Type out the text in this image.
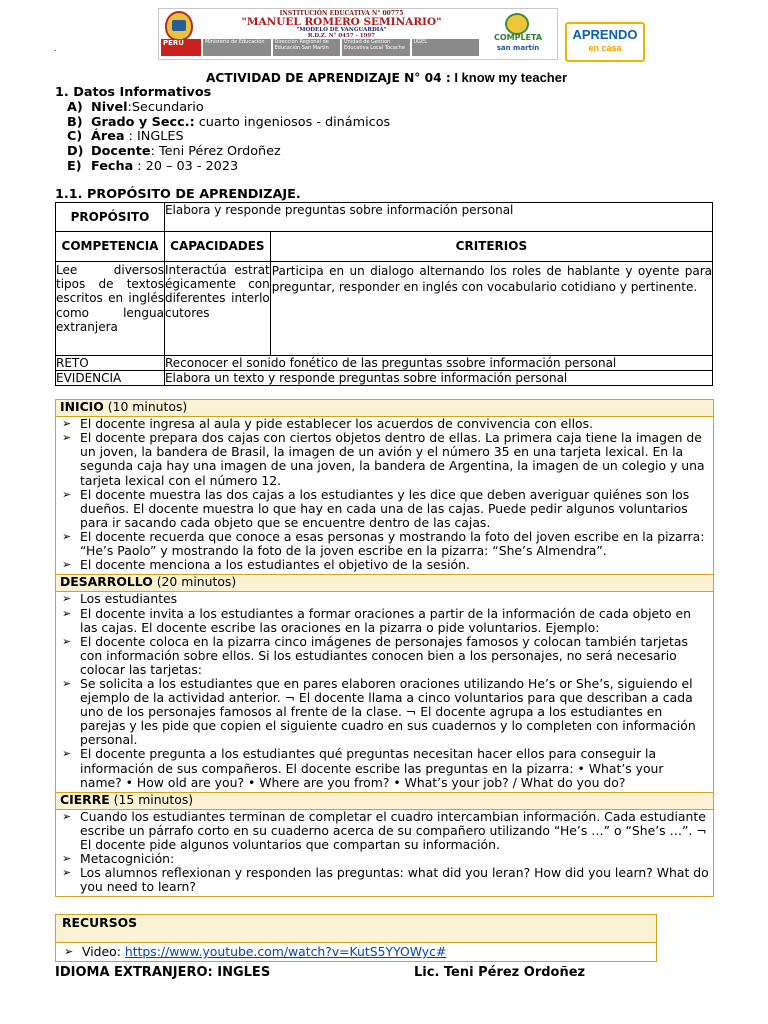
INSTITUCIÓN EDUCATIVA N° 00775
"MANUEL ROMERO SEMINARIO"
"MODELO DE VANGUARDIA"
R.D.Z. N° 0457 - 1997
PERÚ	Ministerio de Educación	Dirección Regional de Educación San Martín
Unidad de Gestión Educativa Local Tocache
UGEL	COMPLETA
san martín
APRENDO
en casa
.
ACTIVIDAD DE APRENDIZAJE N° 04 : I know my teacher
1. Datos Informativos
A) Nivel:Secundario
B) Grado y Secc.: cuarto ingeniosos - dinámicos
C) Área : INGLES
D) Docente: Teni Pérez Ordoñez
E) Fecha : 20 – 03 - 2023
1.1. PROPÓSITO DE APRENDIZAJE.
PROPÓSITO	Elabora y responde preguntas sobre información personal	
COMPETENCIA	CAPACIDADES	CRITERIOS
Lee diversos tipos de textos escritos en inglés como lengua extranjera	Interactúa estratégicamente con diferentes interlocutores	Participa en un dialogo alternando los roles de hablante y oyente para preguntar, responder en inglés con vocabulario cotidiano y pertinente.
RETO	Reconocer el sonido fonético de las preguntas ssobre información personal	
EVIDENCIA	Elabora un texto y responde preguntas sobre información personal	
INICIO (10 minutos)

➢ El docente ingresa al aula y pide establecer los acuerdos de convivencia con ellos.
➢ El docente prepara dos cajas con ciertos objetos dentro de ellas. La primera caja tiene la imagen de un joven, la bandera de Brasil, la imagen de un avión y el número 35 en una tarjeta lexical. En la segunda caja hay una imagen de una joven, la bandera de Argentina, la imagen de un colegio y una tarjeta lexical con el número 12.
➢ El docente muestra las dos cajas a los estudiantes y les dice que deben averiguar quiénes son los dueños. El docente muestra lo que hay en cada una de las cajas. Puede pedir algunos voluntarios para ir sacando cada objeto que se encuentre dentro de las cajas.
➢ El docente recuerda que conoce a esas personas y mostrando la foto del joven escribe en la pizarra: “He’s Paolo” y mostrando la foto de la joven escribe en la pizarra: “She’s Almendra”.
➢ El docente menciona a los estudiantes el objetivo de la sesión.

DESARROLLO (20 minutos)

➢ Los estudiantes
➢ El docente invita a los estudiantes a formar oraciones a partir de la información de cada objeto en las cajas. El docente escribe las oraciones en la pizarra o pide voluntarios. Ejemplo:
➢ El docente coloca en la pizarra cinco imágenes de personajes famosos y colocan también tarjetas con información sobre ellos. Si los estudiantes conocen bien a los personajes, no será necesario colocar las tarjetas:
➢ Se solicita a los estudiantes que en pares elaboren oraciones utilizando He’s or She’s, siguiendo el ejemplo de la actividad anterior. ¬ El docente llama a cinco voluntarios para que describan a cada uno de los personajes famosos al frente de la clase. ¬ El docente agrupa a los estudiantes en parejas y les pide que copien el siguiente cuadro en sus cuadernos y lo completen con información personal.
➢ El docente pregunta a los estudiantes qué preguntas necesitan hacer ellos para conseguir la información de sus compañeros. El docente escribe las preguntas en la pizarra: • What’s your name? • How old are you? • Where are you from? • What’s your job? / What do you do?

CIERRE (15 minutos)

➢ Cuando los estudiantes terminan de completar el cuadro intercambian información. Cada estudiante escribe un párrafo corto en su cuaderno acerca de su compañero utilizando “He’s …” o “She’s …”. ¬ El docente pide algunos voluntarios que compartan su información.
➢ Metacognición:
➢ Los alumnos reflexionan y responden las preguntas: what did you leran? How did you learn? What do you need to learn?
RECURSOS

➢ Video: https://www.youtube.com/watch?v=KutS5YYOWyc#
IDIOMA EXTRANJERO: INGLES	Lic. Teni Pérez Ordoñez
